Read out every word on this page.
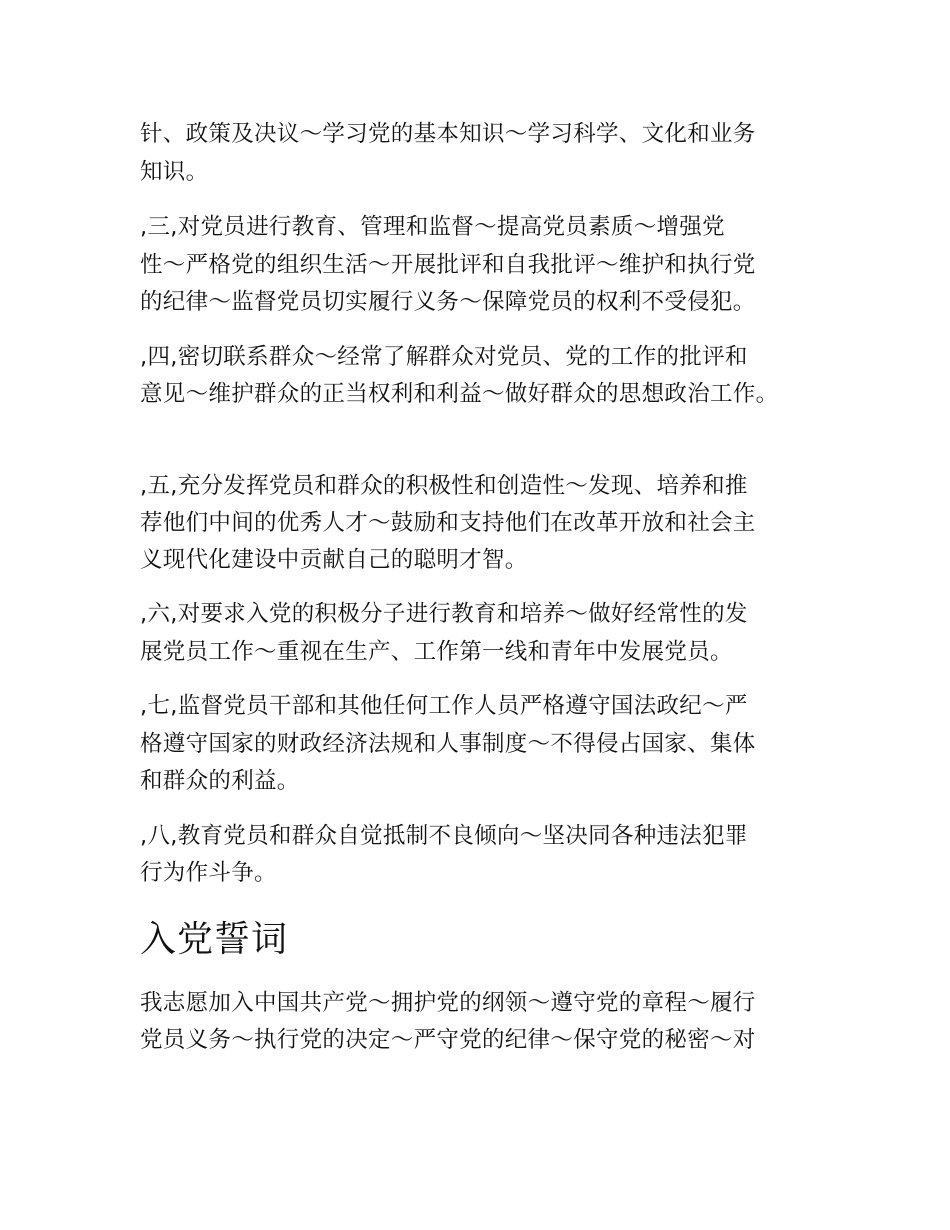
针、政策及决议～学习党的基本知识～学习科学、文化和业务
知识。
,三,对党员进行教育、管理和监督～提高党员素质～增强党
性～严格党的组织生活～开展批评和自我批评～维护和执行党
的纪律～监督党员切实履行义务～保障党员的权利不受侵犯。
,四,密切联系群众～经常了解群众对党员、党的工作的批评和
意见～维护群众的正当权利和利益～做好群众的思想政治工作。
,五,充分发挥党员和群众的积极性和创造性～发现、培养和推
荐他们中间的优秀人才～鼓励和支持他们在改革开放和社会主
义现代化建设中贡献自己的聪明才智。
,六,对要求入党的积极分子进行教育和培养～做好经常性的发
展党员工作～重视在生产、工作第一线和青年中发展党员。
,七,监督党员干部和其他任何工作人员严格遵守国法政纪～严
格遵守国家的财政经济法规和人事制度～不得侵占国家、集体
和群众的利益。
,八,教育党员和群众自觉抵制不良倾向～坚决同各种违法犯罪
行为作斗争。
入党誓词
我志愿加入中国共产党～拥护党的纲领～遵守党的章程～履行
党员义务～执行党的决定～严守党的纪律～保守党的秘密～对
